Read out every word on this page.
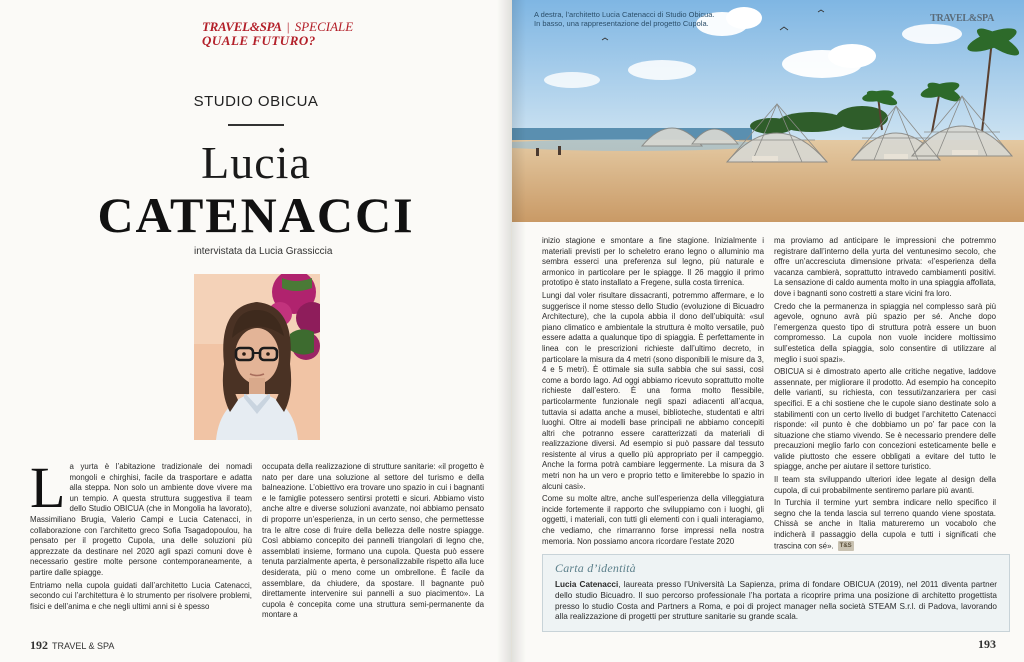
TRAVEL&SPA | SPECIALE
QUALE FUTURO?
STUDIO OBICUA
Lucia
CATENACCI
intervistata da Lucia Grassiccia
L a yurta è l’abitazione tradizionale dei nomadi mongoli e chirghisi, facile da trasportare e adatta alla steppa. Non solo un ambiente dove vivere ma un tempio. A questa struttura suggestiva il team dello Studio OBICUA (che in Mongolia ha lavorato), Massimiliano Brugia, Valerio Campi e Lucia Catenacci, in collaborazione con l’architetto greco Sofia Tsagadopoulou, ha pensato per il progetto Cupola, una delle soluzioni più apprezzate da destinare nel 2020 agli spazi comuni dove è necessario gestire molte persone contemporaneamente, a partire dalle spiagge.

Entriamo nella cupola guidati dall’architetto Lucia Catenacci, secondo cui l’architettura è lo strumento per risolvere problemi, fisici e dell’anima e che negli ultimi anni si è spesso

occupata della realizzazione di strutture sanitarie: «il progetto è nato per dare una soluzione al settore del turismo e della balneazione. L’obiettivo era trovare uno spazio in cui i bagnanti e le famiglie potessero sentirsi protetti e sicuri. Abbiamo visto anche altre e diverse soluzioni avanzate, noi abbiamo pensato di proporre un’esperienza, in un certo senso, che permettesse tra le altre cose di fruire della bellezza delle nostre spiagge. Così abbiamo concepito dei pannelli triangolari di legno che, assemblati insieme, formano una cupola. Questa può essere tenuta parzialmente aperta, è personalizzabile rispetto alla luce desiderata, più o meno come un ombrellone. È facile da assemblare, da chiudere, da spostare. Il bagnante può direttamente intervenire sui pannelli a suo piacimento». La cupola è concepita come una struttura semi-permanente da montare a

192 TRAVEL & SPA
A destra, l’architetto Lucia Catenacci di Studio Obicua.
In basso, una rappresentazione del progetto Cupola.	TRAVEL&SPA

inizio stagione e smontare a fine stagione. Inizialmente i materiali previsti per lo scheletro erano legno o alluminio ma sembra esserci una preferenza sul legno, più naturale e armonico in particolare per le spiagge. Il 26 maggio il primo prototipo è stato installato a Fregene, sulla costa tirrenica.

Lungi dal voler risultare dissacranti, potremmo affermare, e lo suggerisce il nome stesso dello Studio (evoluzione di Bicuadro Architecture), che la cupola abbia il dono dell’ubiquità: «sul piano climatico e ambientale la struttura è molto versatile, può essere adatta a qualunque tipo di spiaggia. È perfettamente in linea con le prescrizioni richieste dall’ultimo decreto, in particolare la misura da 4 metri (sono disponibili le misure da 3, 4 e 5 metri). È ottimale sia sulla sabbia che sui sassi, così come a bordo lago. Ad oggi abbiamo ricevuto soprattutto molte richieste dall’estero. È una forma molto flessibile, particolarmente funzionale negli spazi adiacenti all’acqua, tuttavia si adatta anche a musei, biblioteche, studentati e altri luoghi. Oltre ai modelli base principali ne abbiamo concepiti altri che potranno essere caratterizzati da materiali di realizzazione diversi. Ad esempio si può passare dal tessuto resistente al virus a quello più appropriato per il campeggio. Anche la forma potrà cambiare leggermente. La misura da 3 metri non ha un vero e proprio tetto e limiterebbe lo spazio in alcuni casi».

Come su molte altre, anche sull’esperienza della villeggiatura incide fortemente il rapporto che sviluppiamo con i luoghi, gli oggetti, i materiali, con tutti gli elementi con i quali interagiamo, che vediamo, che rimarranno forse impressi nella nostra memoria. Non possiamo ancora ricordare l’estate 2020

ma proviamo ad anticipare le impressioni che potremmo registrare dall’interno della yurta del ventunesimo secolo, che offre un’accresciuta dimensione privata: «l’esperienza della vacanza cambierà, soprattutto intravedo cambiamenti positivi. La sensazione di caldo aumenta molto in una spiaggia affollata, dove i bagnanti sono costretti a stare vicini fra loro.

Credo che la permanenza in spiaggia nel complesso sarà più agevole, ognuno avrà più spazio per sé. Anche dopo l’emergenza questo tipo di struttura potrà essere un buon compromesso. La cupola non vuole incidere moltissimo sull’estetica della spiaggia, solo consentire di utilizzare al meglio i suoi spazi».

OBICUA si è dimostrato aperto alle critiche negative, laddove assennate, per migliorare il prodotto. Ad esempio ha concepito delle varianti, su richiesta, con tessuti/zanzariera per casi specifici. E a chi sostiene che le cupole siano destinate solo a stabilimenti con un certo livello di budget l’architetto Catenacci risponde: «il punto è che dobbiamo un po’ far pace con la situazione che stiamo vivendo. Se è necessario prendere delle precauzioni meglio farlo con concezioni esteticamente belle e valide piuttosto che essere obbligati a evitare del tutto le spiagge, anche per aiutare il settore turistico.

Il team sta sviluppando ulteriori idee legate al design della cupola, di cui probabilmente sentiremo parlare più avanti.

In Turchia il termine yurt sembra indicare nello specifico il segno che la tenda lascia sul terreno quando viene spostata. Chissà se anche in Italia matureremo un vocabolo che indicherà il passaggio della cupola e tutti i significati che trascina con sé». T&S

Carta d’identità
Lucia Catenacci, laureata presso l’Università La Sapienza, prima di fondare OBICUA (2019), nel 2011 diventa partner dello studio Bicuadro. Il suo percorso professionale l’ha portata a ricoprire prima una posizione di architetto progettista presso lo studio Costa and Partners a Roma, e poi di project manager nella società STEAM S.r.l. di Padova, lavorando alla realizzazione di progetti per strutture sanitarie su grande scala.
193
